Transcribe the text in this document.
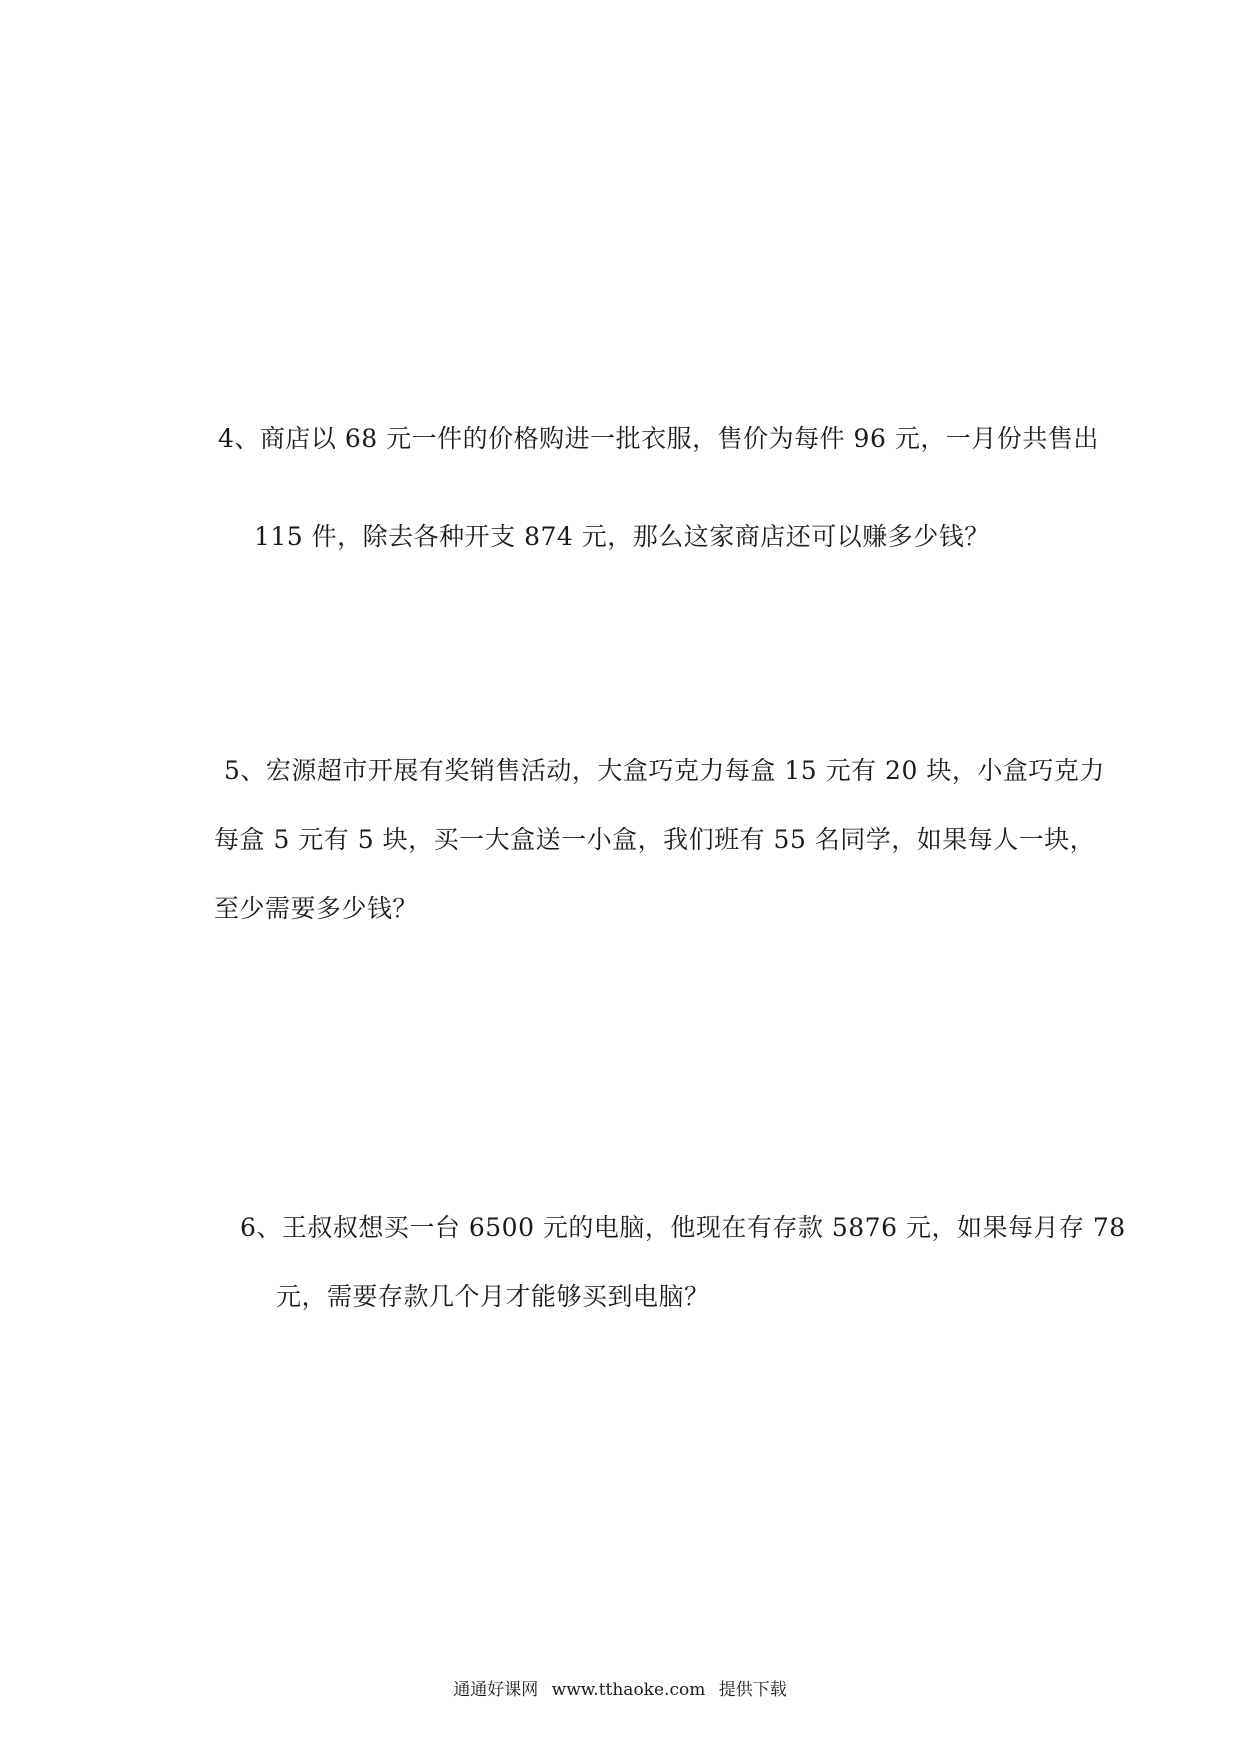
4、商店以 68 元一件的价格购进一批衣服，售价为每件 96 元，一月份共售出
115 件，除去各种开支 874 元，那么这家商店还可以赚多少钱？
5、宏源超市开展有奖销售活动，大盒巧克力每盒 15 元有 20 块，小盒巧克力
每盒 5 元有 5 块，买一大盒送一小盒，我们班有 55 名同学，如果每人一块，
至少需要多少钱？
6、王叔叔想买一台 6500 元的电脑，他现在有存款 5876 元，如果每月存 78
元，需要存款几个月才能够买到电脑？
通通好课网 www.tthaoke.com 提供下载
